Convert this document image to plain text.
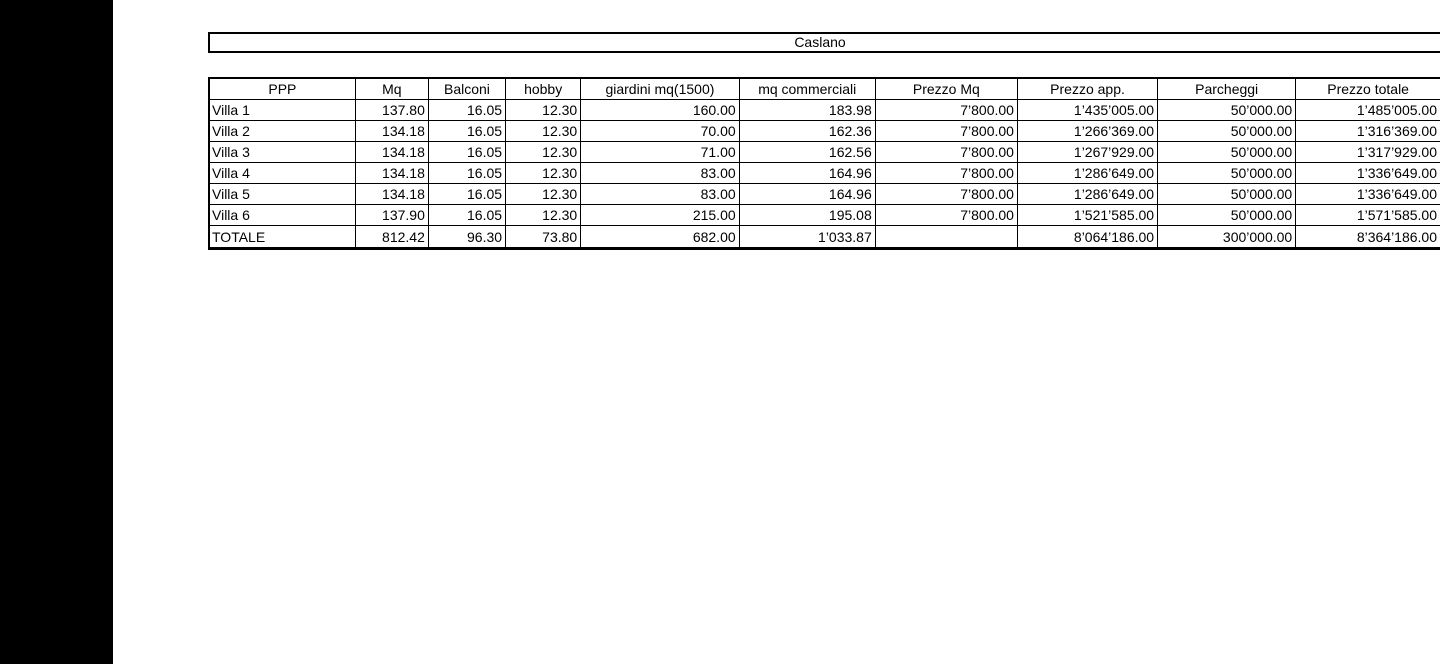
Caslano
PPP	Mq	Balconi	hobby	giardini mq(1500)	mq commerciali	Prezzo Mq	Prezzo app.	Parcheggi	Prezzo totale
Villa 1	137.80	16.05	12.30	160.00	183.98	7’800.00	1’435’005.00	50’000.00	1’485’005.00
Villa 2	134.18	16.05	12.30	70.00	162.36	7’800.00	1’266’369.00	50’000.00	1’316’369.00
Villa 3	134.18	16.05	12.30	71.00	162.56	7’800.00	1’267’929.00	50’000.00	1’317’929.00
Villa 4	134.18	16.05	12.30	83.00	164.96	7’800.00	1’286’649.00	50’000.00	1’336’649.00
Villa 5	134.18	16.05	12.30	83.00	164.96	7’800.00	1’286’649.00	50’000.00	1’336’649.00
Villa 6	137.90	16.05	12.30	215.00	195.08	7’800.00	1’521’585.00	50’000.00	1’571’585.00
TOTALE	812.42	96.30	73.80	682.00	1’033.87		8’064’186.00	300’000.00	8’364’186.00
